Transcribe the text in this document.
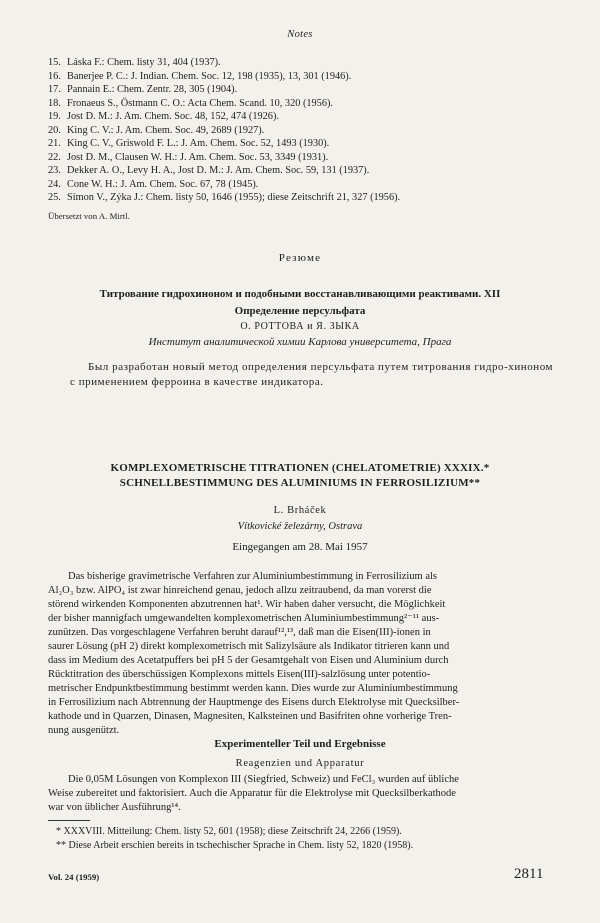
Notes
15. Láska F.: Chem. listy 31, 404 (1937).
16. Banerjee P. C.: J. Indian. Chem. Soc. 12, 198 (1935), 13, 301 (1946).
17. Pannain E.: Chem. Zentr. 28, 305 (1904).
18. Fronaeus S., Östmann C. O.: Acta Chem. Scand. 10, 320 (1956).
19. Jost D. M.: J. Am. Chem. Soc. 48, 152, 474 (1926).
20. King C. V.: J. Am. Chem. Soc. 49, 2689 (1927).
21. King C. V., Griswold F. L.: J. Am. Chem. Soc. 52, 1493 (1930).
22. Jost D. M., Clausen W. H.: J. Am. Chem. Soc. 53, 3349 (1931).
23. Dekker A. O., Levy H. A., Jost D. M.: J. Am. Chem. Soc. 59, 131 (1937).
24. Cone W. H.: J. Am. Chem. Soc. 67, 78 (1945).
25. Simon V., Zýka J.: Chem. listy 50, 1646 (1955); diese Zeitschrift 21, 327 (1956).
Übersetzt von A. Mirtl.
Резюме
Титрование гидрохиноном и подобными восстанавливающими реактивами. XII
Определение персульфата
О. РОТТОВА и Я. ЗЫКА
Институт аналитической химии Карлова университета, Прага
Был разработан новый метод определения персульфата путем титрования гидро-хиноном с применением ферроина в качестве индикатора.
KOMPLEXOMETRISCHE TITRATIONEN (CHELATOMETRIE) XXXIX.*
SCHNELLBESTIMMUNG DES ALUMINIUMS IN FERROSILIZIUM**
L. Brháček
Vítkovické železárny, Ostrava
Eingegangen am 28. Mai 1957
Das bisherige gravimetrische Verfahren zur Aluminiumbestimmung in Ferrosilizium als
Al₂O₃ bzw. AlPO₄ ist zwar hinreichend genau, jedoch allzu zeitraubend, da man vorerst die
störend wirkenden Komponenten abzutrennen hat¹. Wir haben daher versucht, die Möglichkeit
der bisher mannigfach umgewandelten komplexometrischen Aluminiumbestimmung²⁻¹¹ aus-
zunützen. Das vorgeschlagene Verfahren beruht darauf¹²,¹³, daß man die Eisen(III)-ionen in
saurer Lösung (pH 2) direkt komplexometrisch mit Salizylsäure als Indikator titrieren kann und
dass im Medium des Acetatpuffers bei pH 5 der Gesamtgehalt von Eisen und Aluminium durch
Rücktitration des überschüssigen Komplexons mittels Eisen(III)-salzlösung unter potentio-
metrischer Endpunktbestimmung bestimmt werden kann. Dies wurde zur Aluminiumbestimmung
in Ferrosilizium nach Abtrennung der Hauptmenge des Eisens durch Elektrolyse mit Quecksilber-
kathode und in Quarzen, Dinasen, Magnesiten, Kalksteinen und Basifriten ohne vorherige Tren-
nung ausgenützt.
Experimenteller Teil und Ergebnisse
Reagenzien und Apparatur
Die 0,05M Lösungen von Komplexon III (Siegfried, Schweiz) und FeCl₃ wurden auf übliche
Weise zubereitet und faktorisiert. Auch die Apparatur für die Elektrolyse mit Quecksilberkathode
war von üblicher Ausführung¹⁴.
* XXXVIII. Mitteilung: Chem. listy 52, 601 (1958); diese Zeitschrift 24, 2266 (1959).
** Diese Arbeit erschien bereits in tschechischer Sprache in Chem. listy 52, 1820 (1958).
Vol. 24 (1959)	2811
